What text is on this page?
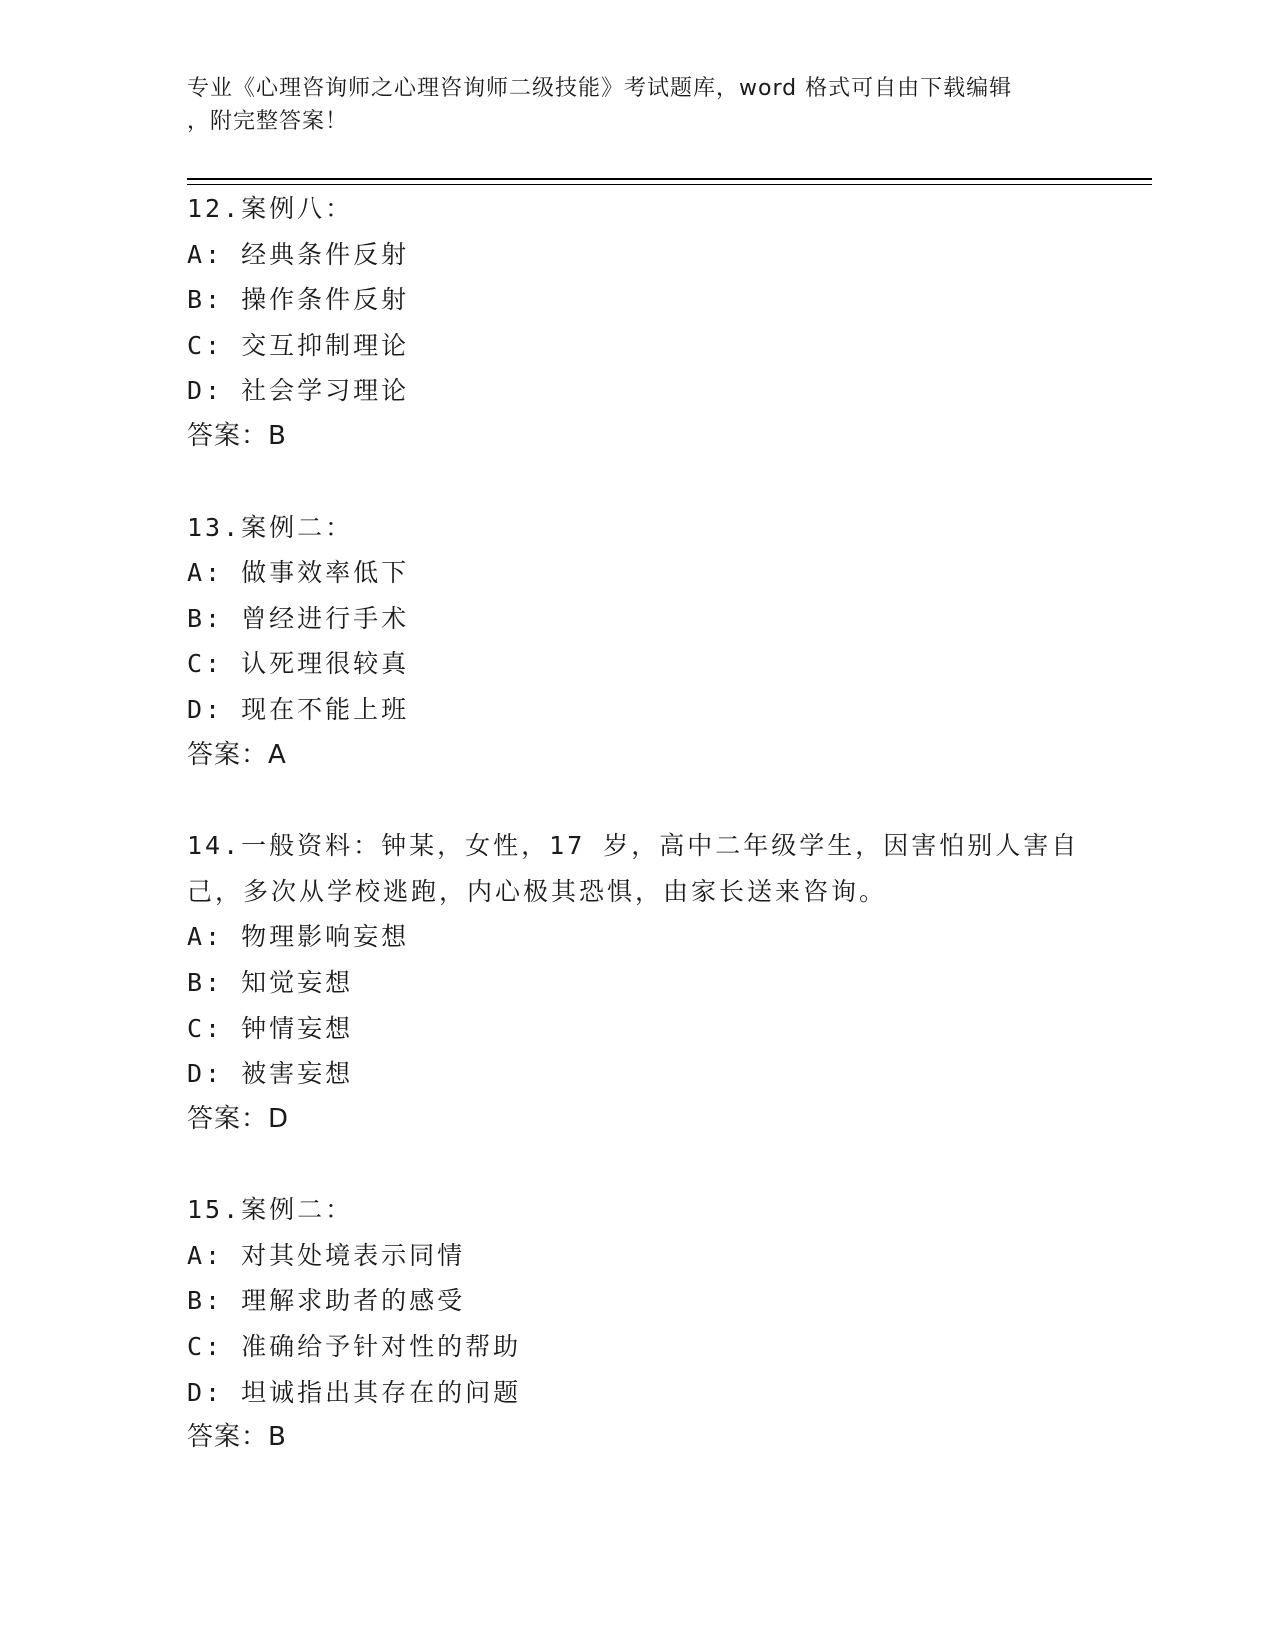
专业《心理咨询师之心理咨询师二级技能》考试题库，word 格式可自由下载编辑
，附完整答案！
12.案例八：
A: 经典条件反射
B: 操作条件反射
C: 交互抑制理论
D: 社会学习理论
答案：B
13.案例二：
A: 做事效率低下
B: 曾经进行手术
C: 认死理很较真
D: 现在不能上班
答案：A
14.一般资料：钟某，女性，17 岁，高中二年级学生，因害怕别人害自己，多次从学校逃跑，内心极其恐惧，由家长送来咨询。
A: 物理影响妄想
B: 知觉妄想
C: 钟情妄想
D: 被害妄想
答案：D
15.案例二：
A: 对其处境表示同情
B: 理解求助者的感受
C: 准确给予针对性的帮助
D: 坦诚指出其存在的问题
答案：B
